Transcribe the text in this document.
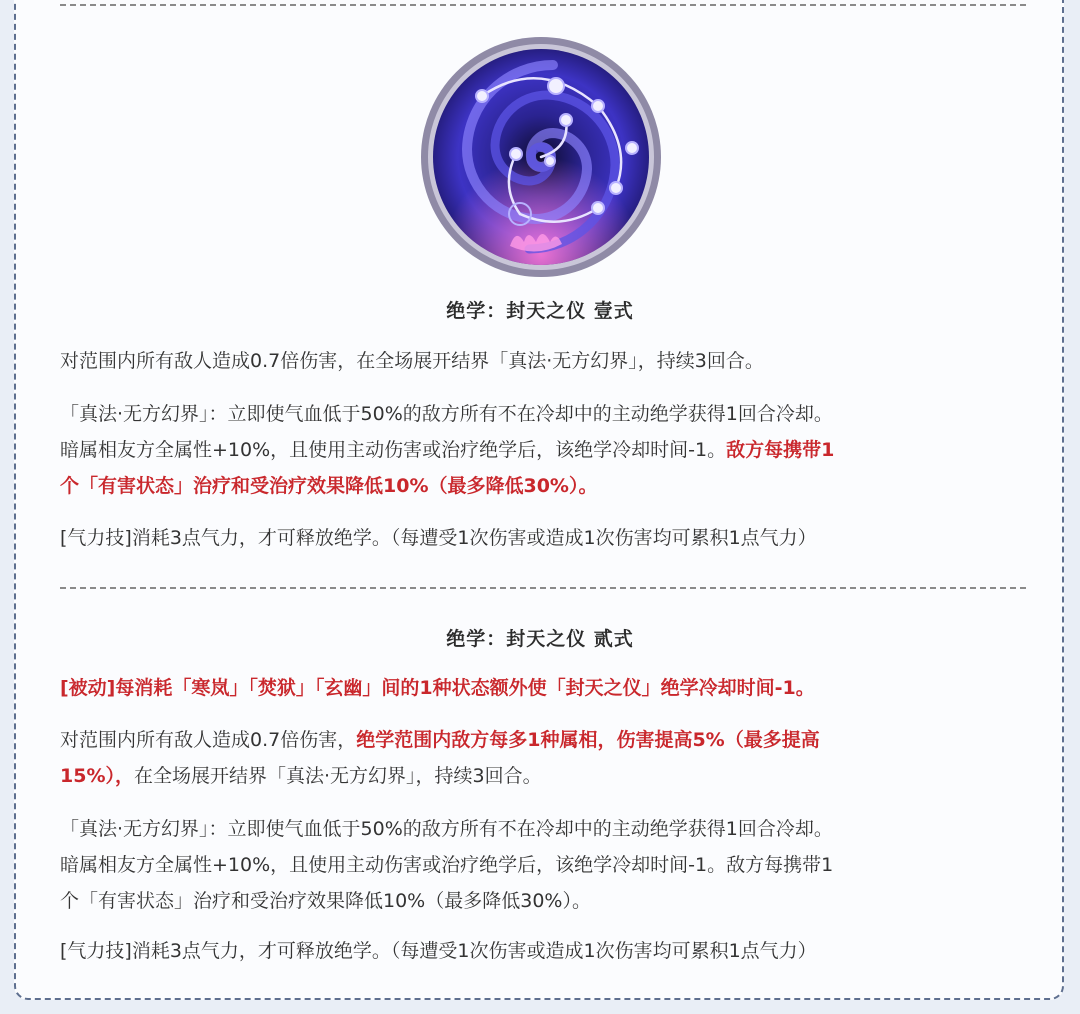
绝学：封天之仪 壹式
对范围内所有敌人造成0.7倍伤害，在全场展开结界「真法·无方幻界」，持续3回合。
「真法·无方幻界」：立即使气血低于50%的敌方所有不在冷却中的主动绝学获得1回合冷却。
暗属相友方全属性+10%，且使用主动伤害或治疗绝学后，该绝学冷却时间-1。敌方每携带1
个「有害状态」治疗和受治疗效果降低10%（最多降低30%）。
[气力技]消耗3点气力，才可释放绝学。（每遭受1次伤害或造成1次伤害均可累积1点气力）
绝学：封天之仪 贰式
[被动]每消耗「寒岚」「焚狱」「玄幽」间的1种状态额外使「封天之仪」绝学冷却时间-1。
对范围内所有敌人造成0.7倍伤害，绝学范围内敌方每多1种属相，伤害提高5%（最多提高
15%），在全场展开结界「真法·无方幻界」，持续3回合。
「真法·无方幻界」：立即使气血低于50%的敌方所有不在冷却中的主动绝学获得1回合冷却。
暗属相友方全属性+10%，且使用主动伤害或治疗绝学后，该绝学冷却时间-1。敌方每携带1
个「有害状态」治疗和受治疗效果降低10%（最多降低30%）。
[气力技]消耗3点气力，才可释放绝学。（每遭受1次伤害或造成1次伤害均可累积1点气力）
